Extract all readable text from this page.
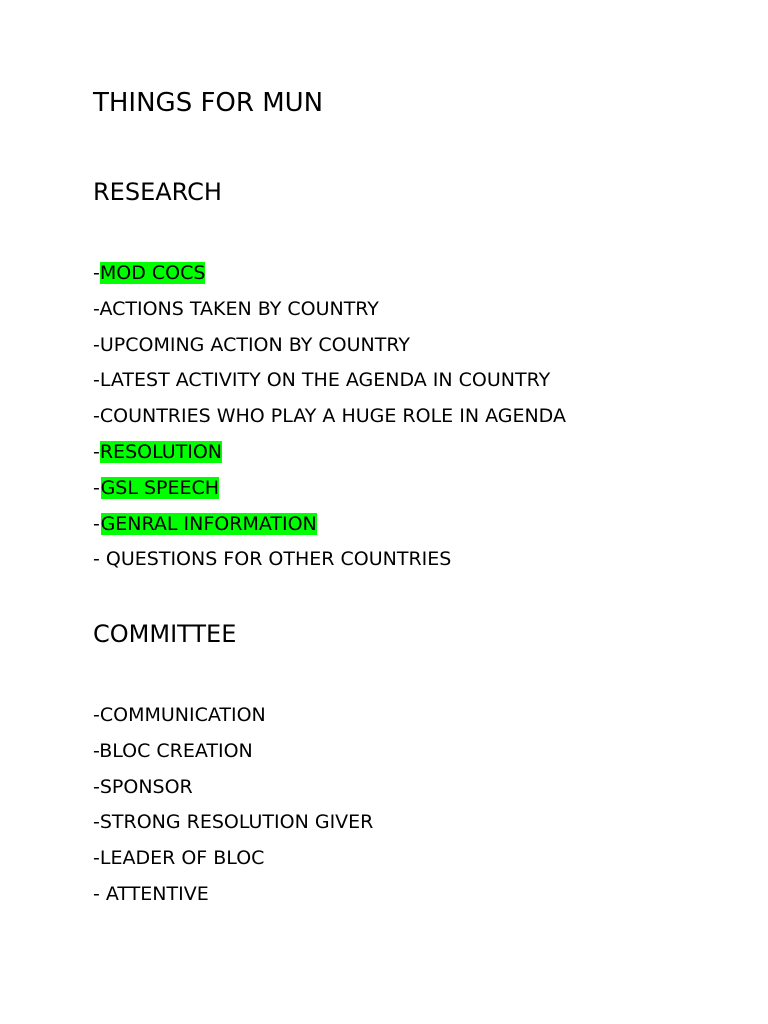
THINGS FOR MUN
RESEARCH
-MOD COCS
-ACTIONS TAKEN BY COUNTRY
-UPCOMING ACTION BY COUNTRY
-LATEST ACTIVITY ON THE AGENDA IN COUNTRY
-COUNTRIES WHO PLAY A HUGE ROLE IN AGENDA
-RESOLUTION
-GSL SPEECH
-GENRAL INFORMATION
- QUESTIONS FOR OTHER COUNTRIES
COMMITTEE
-COMMUNICATION
-BLOC CREATION
-SPONSOR
-STRONG RESOLUTION GIVER
-LEADER OF BLOC
- ATTENTIVE
